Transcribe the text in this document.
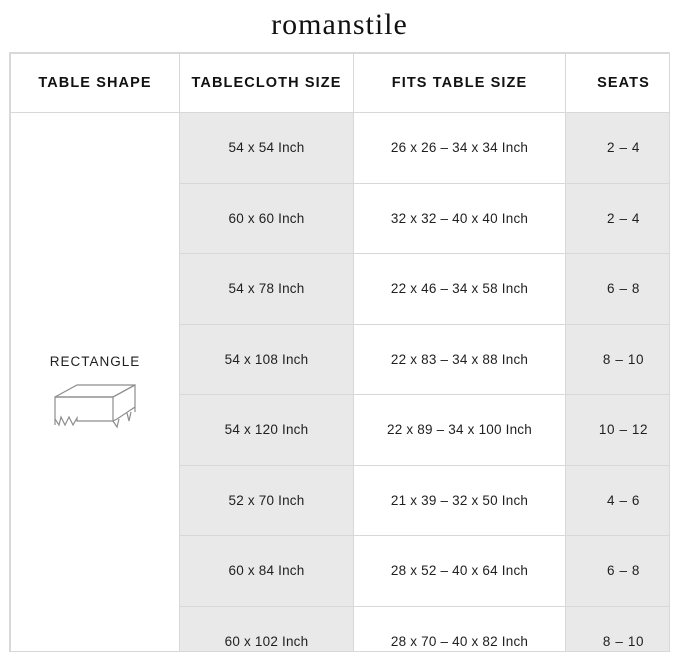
romanstile
TABLE SHAPE	TABLECLOTH SIZE	FITS TABLE SIZE	SEATS

RECTANGLE	54 x 54 Inch	26 x 26 – 34 x 34 Inch	2 – 4
	60 x 60 Inch	32 x 32 – 40 x 40 Inch	2 – 4
	54 x 78 Inch	22 x 46 – 34 x 58 Inch	6 – 8
	54 x 108 Inch	22 x 83 – 34 x 88 Inch	8 – 10
	54 x 120 Inch	22 x 89 – 34 x 100 Inch	10 – 12
	52 x 70 Inch	21 x 39 – 32 x 50 Inch	4 – 6
	60 x 84 Inch	28 x 52 – 40 x 64 Inch	6 – 8
	60 x 102 Inch	28 x 70 – 40 x 82 Inch	8 – 10
